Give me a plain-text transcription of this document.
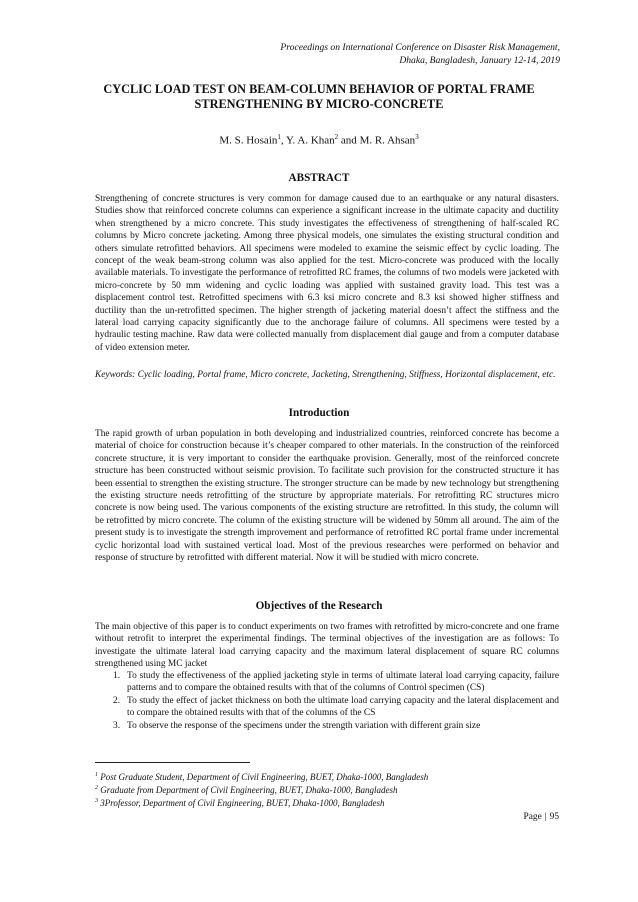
Proceedings on International Conference on Disaster Risk Management,
Dhaka, Bangladesh, January 12-14, 2019
CYCLIC LOAD TEST ON BEAM-COLUMN BEHAVIOR OF PORTAL FRAME
STRENGTHENING BY MICRO-CONCRETE
M. S. Hosain$^1$, Y. A. Khan$^2$ and M. R. Ahsan$^3$
ABSTRACT
Strengthening of concrete structures is very common for damage caused due to an earthquake or any natural disasters. Studies show that reinforced concrete columns can experience a significant increase in the ultimate capacity and ductility when strengthened by a micro concrete. This study investigates the effectiveness of strengthening of half-scaled RC columns by Micro concrete jacketing. Among three physical models, one simulates the existing structural condition and others simulate retrofitted behaviors. All specimens were modeled to examine the seismic effect by cyclic loading. The concept of the weak beam-strong column was also applied for the test. Micro-concrete was produced with the locally available materials. To investigate the performance of retrofitted RC frames, the columns of two models were jacketed with micro-concrete by 50 mm widening and cyclic loading was applied with sustained gravity load. This test was a displacement control test. Retrofitted specimens with 6.3 ksi micro concrete and 8.3 ksi showed higher stiffness and ductility than the un-retrofitted specimen. The higher strength of jacketing material doesn’t affect the stiffness and the lateral load carrying capacity significantly due to the anchorage failure of columns. All specimens were tested by a hydraulic testing machine. Raw data were collected manually from displacement dial gauge and from a computer database of video extension meter.
Keywords: Cyclic loading, Portal frame, Micro concrete, Jacketing, Strengthening, Stiffness, Horizontal displacement, etc.
Introduction
The rapid growth of urban population in both developing and industrialized countries, reinforced concrete has become a material of choice for construction because it’s cheaper compared to other materials. In the construction of the reinforced concrete structure, it is very important to consider the earthquake provision. Generally, most of the reinforced concrete structure has been constructed without seismic provision. To facilitate such provision for the constructed structure it has been essential to strengthen the existing structure. The stronger structure can be made by new technology but strengthening the existing structure needs retrofitting of the structure by appropriate materials. For retrofitting RC structures micro concrete is now being used. The various components of the existing structure are retrofitted. In this study, the column will be retrofitted by micro concrete. The column of the existing structure will be widened by 50mm all around. The aim of the present study is to investigate the strength improvement and performance of retrofitted RC portal frame under incremental cyclic horizontal load with sustained vertical load. Most of the previous researches were performed on behavior and response of structure by retrofitted with different material. Now it will be studied with micro concrete.
Objectives of the Research
The main objective of this paper is to conduct experiments on two frames with retrofitted by micro-concrete and one frame without retrofit to interpret the experimental findings. The terminal objectives of the investigation are as follows: To investigate the ultimate lateral load carrying capacity and the maximum lateral displacement of square RC columns strengthened using MC jacket
1. To study the effectiveness of the applied jacketing style in terms of ultimate lateral load carrying capacity, failure patterns and to compare the obtained results with that of the columns of Control specimen (CS)
2. To study the effect of jacket thickness on both the ultimate load carrying capacity and the lateral displacement and to compare the obtained results with that of the columns of the CS
3. To observe the response of the specimens under the strength variation with different grain size
$^1$ Post Graduate Student, Department of Civil Engineering, BUET, Dhaka-1000, Bangladesh
$^2$ Graduate from Department of Civil Engineering, BUET, Dhaka-1000, Bangladesh
$^3$ 3Professor, Department of Civil Engineering, BUET, Dhaka-1000, Bangladesh
Page | 95
